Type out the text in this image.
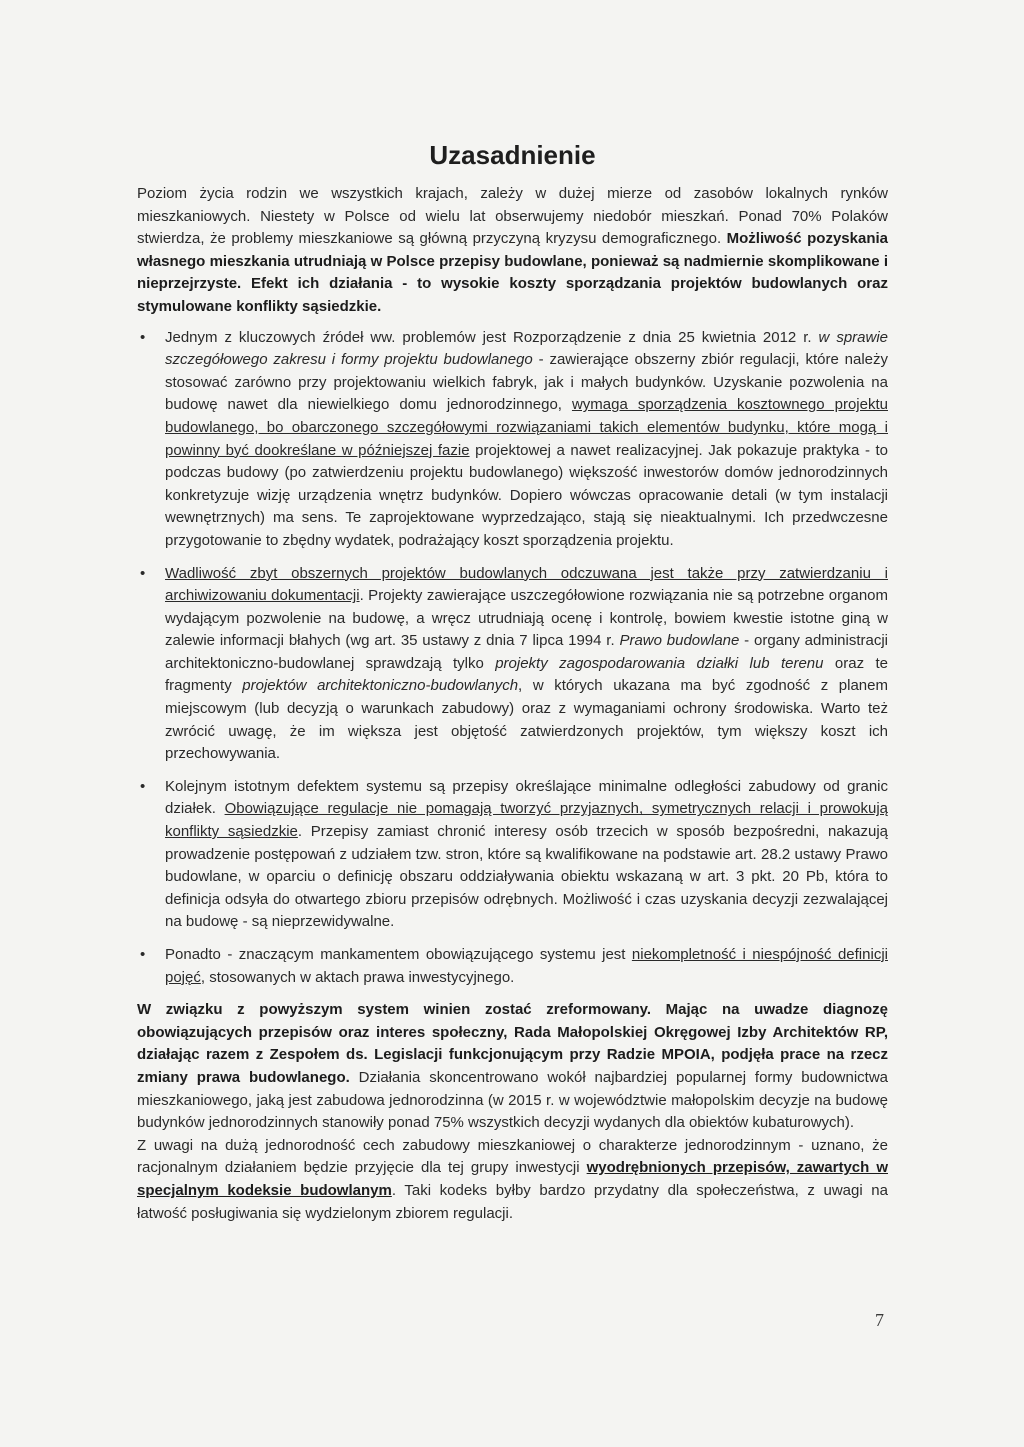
Uzasadnienie

Poziom życia rodzin we wszystkich krajach, zależy w dużej mierze od zasobów lokalnych rynków mieszkaniowych. Niestety w Polsce od wielu lat obserwujemy niedobór mieszkań. Ponad 70% Polaków stwierdza, że problemy mieszkaniowe są główną przyczyną kryzysu demograficznego. Możliwość pozyskania własnego mieszkania utrudniają w Polsce przepisy budowlane, ponieważ są nadmiernie skomplikowane i nieprzejrzyste. Efekt ich działania - to wysokie koszty sporządzania projektów budowlanych oraz stymulowane konflikty sąsiedzkie.

• Jednym z kluczowych źródeł ww. problemów jest Rozporządzenie z dnia 25 kwietnia 2012 r. w sprawie szczegółowego zakresu i formy projektu budowlanego - zawierające obszerny zbiór regulacji, które należy stosować zarówno przy projektowaniu wielkich fabryk, jak i małych budynków. Uzyskanie pozwolenia na budowę nawet dla niewielkiego domu jednorodzinnego, wymaga sporządzenia kosztownego projektu budowlanego, bo obarczonego szczegółowymi rozwiązaniami takich elementów budynku, które mogą i powinny być dookreślane w późniejszej fazie projektowej a nawet realizacyjnej. Jak pokazuje praktyka - to podczas budowy (po zatwierdzeniu projektu budowlanego) większość inwestorów domów jednorodzinnych konkretyzuje wizję urządzenia wnętrz budynków. Dopiero wówczas opracowanie detali (w tym instalacji wewnętrznych) ma sens. Te zaprojektowane wyprzedzająco, stają się nieaktualnymi. Ich przedwczesne przygotowanie to zbędny wydatek, podrażający koszt sporządzenia projektu.
• Wadliwość zbyt obszernych projektów budowlanych odczuwana jest także przy zatwierdzaniu i archiwizowaniu dokumentacji. Projekty zawierające uszczegółowione rozwiązania nie są potrzebne organom wydającym pozwolenie na budowę, a wręcz utrudniają ocenę i kontrolę, bowiem kwestie istotne giną w zalewie informacji błahych (wg art. 35 ustawy z dnia 7 lipca 1994 r. Prawo budowlane - organy administracji architektoniczno-budowlanej sprawdzają tylko projekty zagospodarowania działki lub terenu oraz te fragmenty projektów architektoniczno-budowlanych, w których ukazana ma być zgodność z planem miejscowym (lub decyzją o warunkach zabudowy) oraz z wymaganiami ochrony środowiska. Warto też zwrócić uwagę, że im większa jest objętość zatwierdzonych projektów, tym większy koszt ich przechowywania.
• Kolejnym istotnym defektem systemu są przepisy określające minimalne odległości zabudowy od granic działek. Obowiązujące regulacje nie pomagają tworzyć przyjaznych, symetrycznych relacji i prowokują konflikty sąsiedzkie. Przepisy zamiast chronić interesy osób trzecich w sposób bezpośredni, nakazują prowadzenie postępowań z udziałem tzw. stron, które są kwalifikowane na podstawie art. 28.2 ustawy Prawo budowlane, w oparciu o definicję obszaru oddziaływania obiektu wskazaną w art. 3 pkt. 20 Pb, która to definicja odsyła do otwartego zbioru przepisów odrębnych. Możliwość i czas uzyskania decyzji zezwalającej na budowę - są nieprzewidywalne.
• Ponadto - znaczącym mankamentem obowiązującego systemu jest niekompletność i niespójność definicji pojęć, stosowanych w aktach prawa inwestycyjnego.

W związku z powyższym system winien zostać zreformowany. Mając na uwadze diagnozę obowiązujących przepisów oraz interes społeczny, Rada Małopolskiej Okręgowej Izby Architektów RP, działając razem z Zespołem ds. Legislacji funkcjonującym przy Radzie MPOIA, podjęła prace na rzecz zmiany prawa budowlanego. Działania skoncentrowano wokół najbardziej popularnej formy budownictwa mieszkaniowego, jaką jest zabudowa jednorodzinna (w 2015 r. w województwie małopolskim decyzje na budowę budynków jednorodzinnych stanowiły ponad 75% wszystkich decyzji wydanych dla obiektów kubaturowych).

Z uwagi na dużą jednorodność cech zabudowy mieszkaniowej o charakterze jednorodzinnym - uznano, że racjonalnym działaniem będzie przyjęcie dla tej grupy inwestycji wyodrębnionych przepisów, zawartych w specjalnym kodeksie budowlanym. Taki kodeks byłby bardzo przydatny dla społeczeństwa, z uwagi na łatwość posługiwania się wydzielonym zbiorem regulacji.

7
